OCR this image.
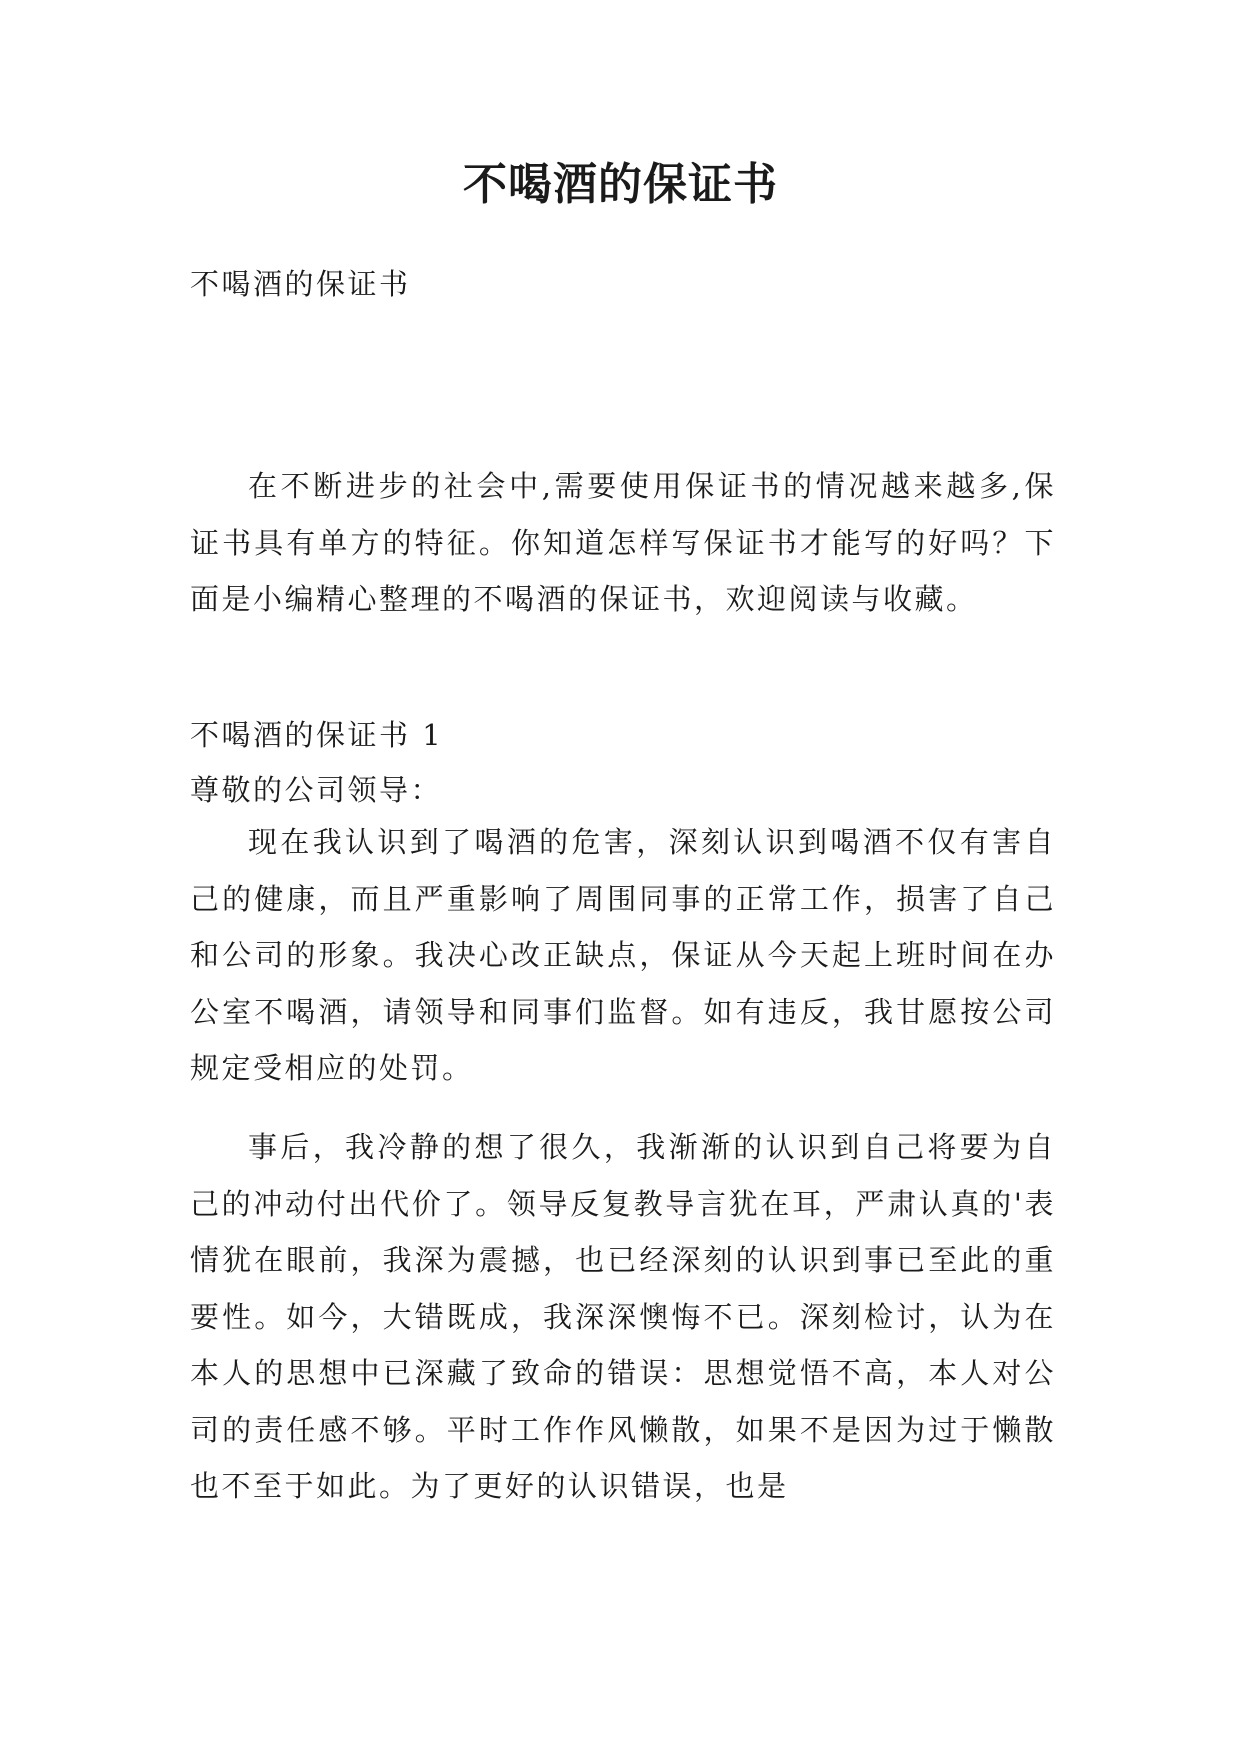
不喝酒的保证书

不喝酒的保证书

在不断进步的社会中,需要使用保证书的情况越来越多,保证书具有单方的特征。你知道怎样写保证书才能写的好吗？下面是小编精心整理的不喝酒的保证书，欢迎阅读与收藏。

不喝酒的保证书 1

尊敬的公司领导：

现在我认识到了喝酒的危害，深刻认识到喝酒不仅有害自己的健康，而且严重影响了周围同事的正常工作，损害了自己和公司的形象。我决心改正缺点，保证从今天起上班时间在办公室不喝酒，请领导和同事们监督。如有违反，我甘愿按公司规定受相应的处罚。

事后，我冷静的想了很久，我渐渐的认识到自己将要为自己的冲动付出代价了。领导反复教导言犹在耳，严肃认真的'表情犹在眼前，我深为震撼，也已经深刻的认识到事已至此的重要性。如今，大错既成，我深深懊悔不已。深刻检讨，认为在本人的思想中已深藏了致命的错误：思想觉悟不高，本人对公司的责任感不够。平时工作作风懒散，如果不是因为过于懒散也不至于如此。为了更好的认识错误，也是
